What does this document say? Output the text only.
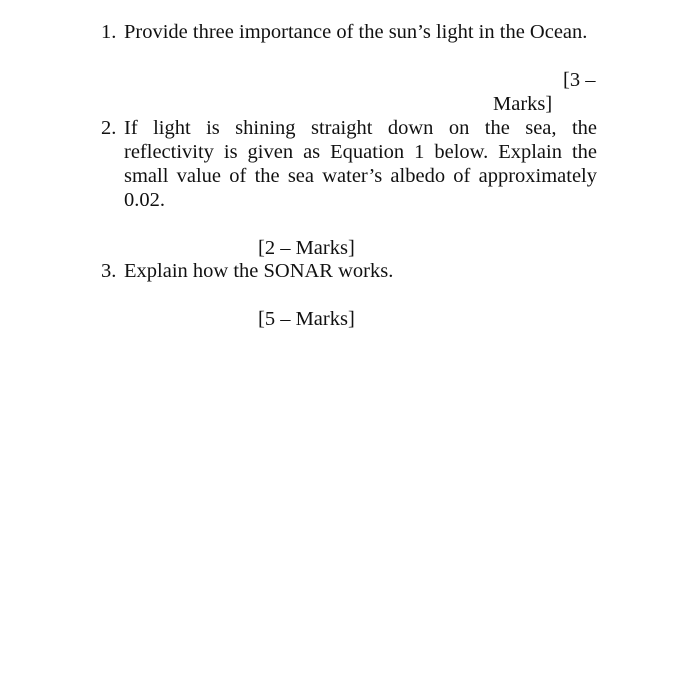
1. Provide three importance of the sun’s light in the Ocean.
[3 –
Marks]
2. If light is shining straight down on the sea, the reflectivity is given as Equation 1 below. Explain the small value of the sea water’s albedo of approximately 0.02.
[2 – Marks]
3. Explain how the SONAR works.
[5 – Marks]
